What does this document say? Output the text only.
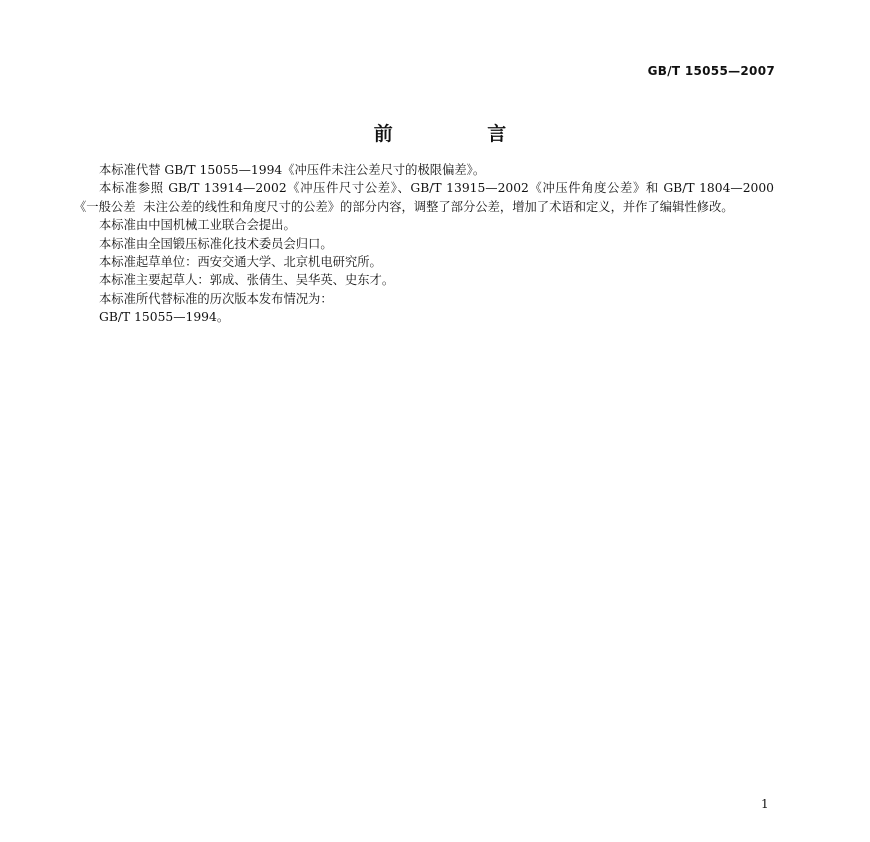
GB/T 15055—2007
前 言

本标准代替 GB/T 15055—1994《冲压件未注公差尺寸的极限偏差》。

本标准参照 GB/T 13914—2002《冲压件尺寸公差》、GB/T 13915—2002《冲压件角度公差》和 GB/T 1804—2000《一般公差  未注公差的线性和角度尺寸的公差》的部分内容，调整了部分公差，增加了术语和定义，并作了编辑性修改。

本标准由中国机械工业联合会提出。

本标准由全国锻压标准化技术委员会归口。

本标准起草单位：西安交通大学、北京机电研究所。

本标准主要起草人：郭成、张倩生、吴华英、史东才。

本标准所代替标准的历次版本发布情况为：

GB/T 15055—1994。

1
